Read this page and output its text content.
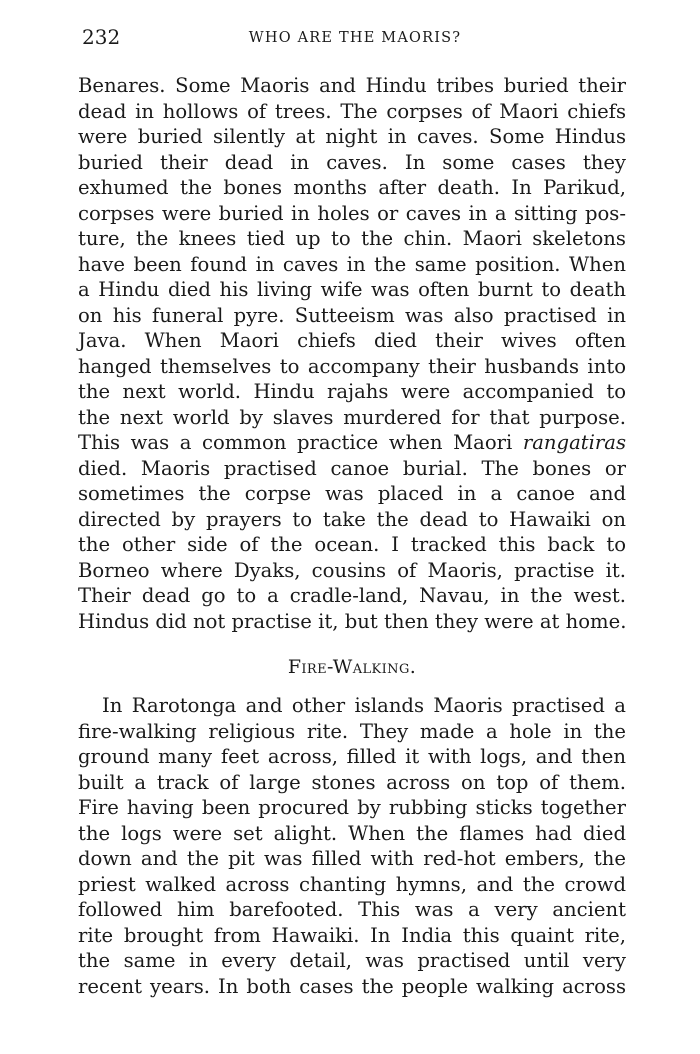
232	WHO ARE THE MAORIS?
Benares. Some Maoris and Hindu tribes buried their
dead in hollows of trees. The corpses of Maori chiefs
were buried silently at night in caves. Some Hindus
buried their dead in caves. In some cases they
exhumed the bones months after death. In Parikud,
corpses were buried in holes or caves in a sitting pos-
ture, the knees tied up to the chin. Maori skeletons
have been found in caves in the same position. When
a Hindu died his living wife was often burnt to death
on his funeral pyre. Sutteeism was also practised in
Java. When Maori chiefs died their wives often
hanged themselves to accompany their husbands into
the next world. Hindu rajahs were accompanied to
the next world by slaves murdered for that purpose.
This was a common practice when Maori rangatiras
died. Maoris practised canoe burial. The bones or
sometimes the corpse was placed in a canoe and
directed by prayers to take the dead to Hawaiki on
the other side of the ocean. I tracked this back to
Borneo where Dyaks, cousins of Maoris, practise it.
Their dead go to a cradle-land, Navau, in the west.
Hindus did not practise it, but then they were at home.
Fire-Walking.
In Rarotonga and other islands Maoris practised a
fire-walking religious rite. They made a hole in the
ground many feet across, filled it with logs, and then
built a track of large stones across on top of them.
Fire having been procured by rubbing sticks together
the logs were set alight. When the flames had died
down and the pit was filled with red-hot embers, the
priest walked across chanting hymns, and the crowd
followed him barefooted. This was a very ancient
rite brought from Hawaiki. In India this quaint rite,
the same in every detail, was practised until very
recent years. In both cases the people walking across
